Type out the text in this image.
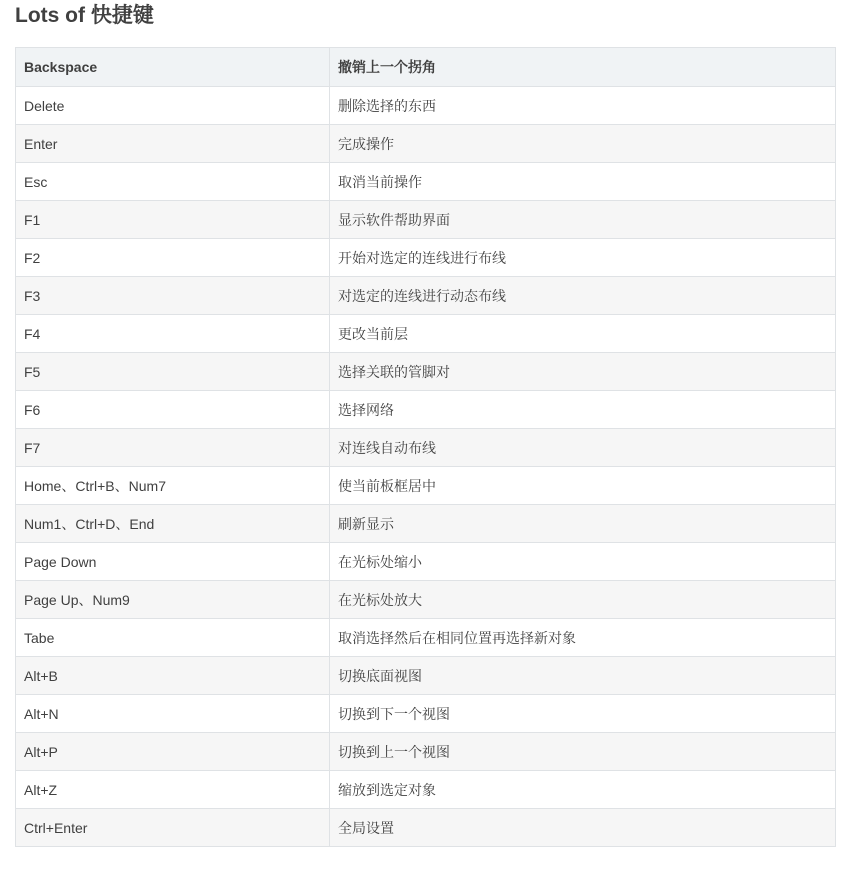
Lots of 快捷键
Backspace	撤销上一个拐角
Delete	删除选择的东西
Enter	完成操作
Esc	取消当前操作
F1	显示软件帮助界面
F2	开始对选定的连线进行布线
F3	对选定的连线进行动态布线
F4	更改当前层
F5	选择关联的管脚对
F6	选择网络
F7	对连线自动布线
Home、Ctrl+B、Num7	使当前板框居中
Num1、Ctrl+D、End	刷新显示
Page Down	在光标处缩小
Page Up、Num9	在光标处放大
Tabe	取消选择然后在相同位置再选择新对象
Alt+B	切换底面视图
Alt+N	切换到下一个视图
Alt+P	切换到上一个视图
Alt+Z	缩放到选定对象
Ctrl+Enter	全局设置
